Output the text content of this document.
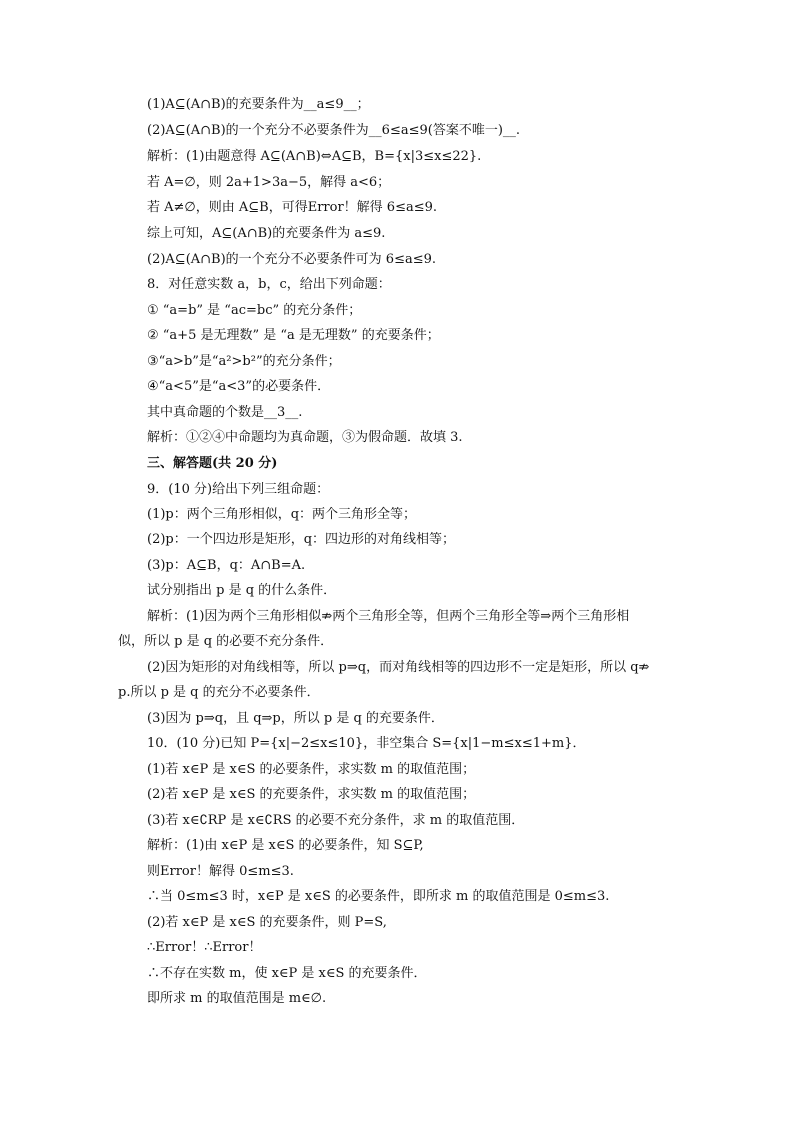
(1)A⊆(A∩B)的充要条件为__a≤9__；
(2)A⊆(A∩B)的一个充分不必要条件为__6≤a≤9(答案不唯一)__.
解析：(1)由题意得 A⊆(A∩B)⇔A⊆B，B={x|3≤x≤22}.
若 A=∅，则 2a+1>3a−5，解得 a<6；
若 A≠∅，则由 A⊆B，可得Error！解得 6≤a≤9.
综上可知，A⊆(A∩B)的充要条件为 a≤9.
(2)A⊆(A∩B)的一个充分不必要条件可为 6≤a≤9.
8．对任意实数 a，b，c，给出下列命题：
① “a=b” 是 “ac=bc” 的充分条件；
② “a+5 是无理数” 是 “a 是无理数” 的充要条件；
③“a>b”是“a²>b²”的充分条件；
④“a<5”是“a<3”的必要条件．
其中真命题的个数是__3__.
解析：①②④中命题均为真命题，③为假命题．故填 3.
三、解答题(共 20 分)
9．(10 分)给出下列三组命题：
(1)p：两个三角形相似，q：两个三角形全等；
(2)p：一个四边形是矩形，q：四边形的对角线相等；
(3)p：A⊆B，q：A∩B=A.
试分别指出 p 是 q 的什么条件．
解析：(1)因为两个三角形相似⇏两个三角形全等，但两个三角形全等⇒两个三角形相
似，所以 p 是 q 的必要不充分条件．
(2)因为矩形的对角线相等，所以 p⇒q，而对角线相等的四边形不一定是矩形，所以 q⇏
p.所以 p 是 q 的充分不必要条件．
(3)因为 p⇒q，且 q⇒p，所以 p 是 q 的充要条件．
10．(10 分)已知 P={x|−2≤x≤10}，非空集合 S={x|1−m≤x≤1+m}．
(1)若 x∈P 是 x∈S 的必要条件，求实数 m 的取值范围；
(2)若 x∈P 是 x∈S 的充要条件，求实数 m 的取值范围；
(3)若 x∈∁RP 是 x∈∁RS 的必要不充分条件，求 m 的取值范围．
解析：(1)由 x∈P 是 x∈S 的必要条件，知 S⊆P,
则Error！解得 0≤m≤3.
∴当 0≤m≤3 时，x∈P 是 x∈S 的必要条件，即所求 m 的取值范围是 0≤m≤3.
(2)若 x∈P 是 x∈S 的充要条件，则 P=S,
∴Error！∴Error！
∴不存在实数 m，使 x∈P 是 x∈S 的充要条件．
即所求 m 的取值范围是 m∈∅.
